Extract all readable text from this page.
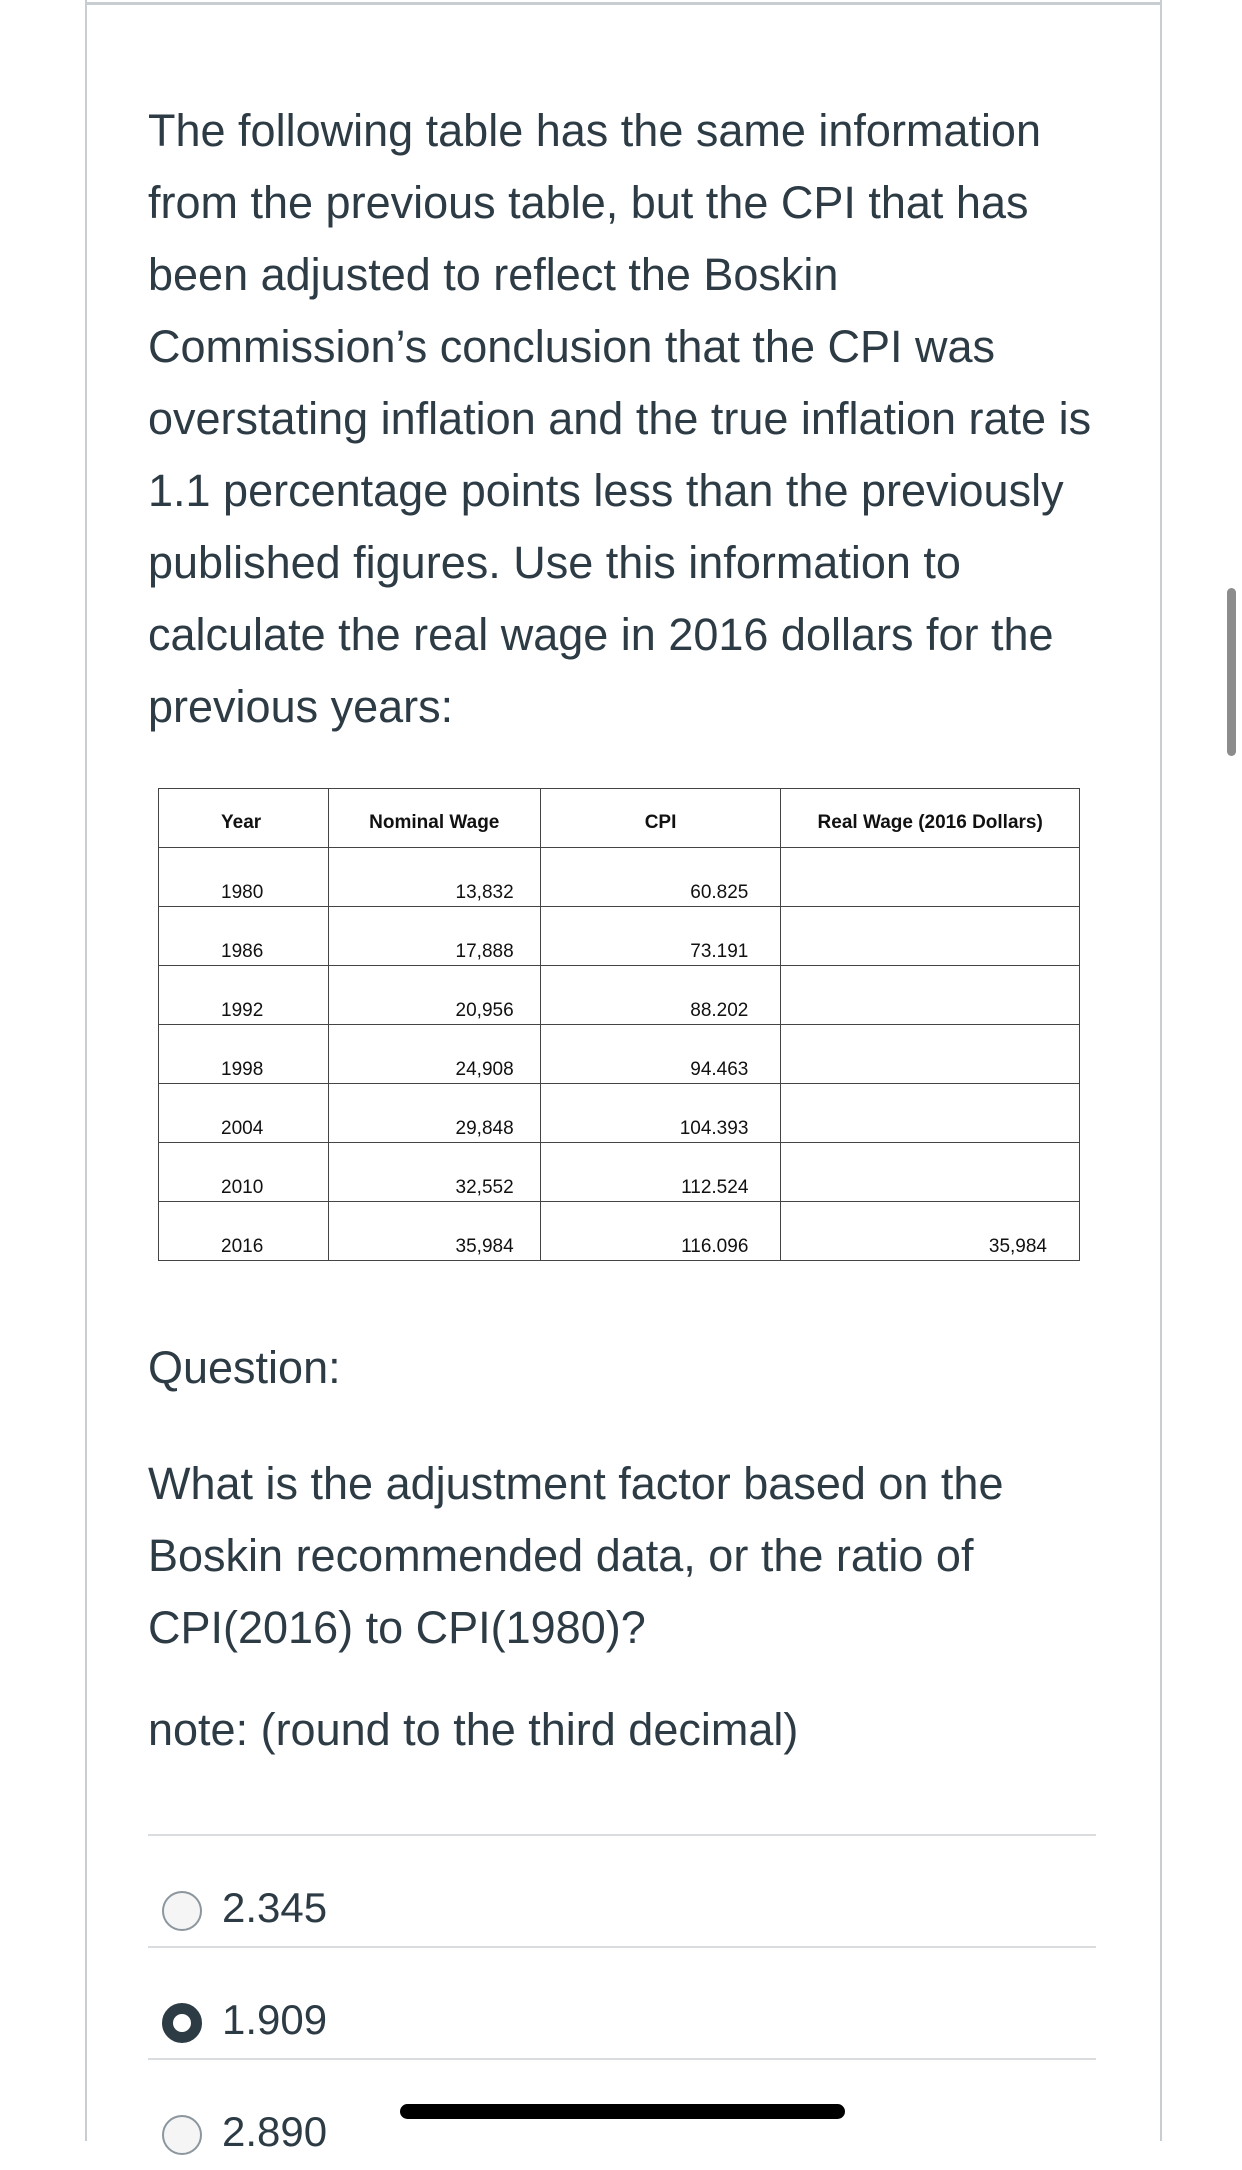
The following table has the same information from the previous table, but the CPI that has been adjusted to reflect the Boskin Commission’s conclusion that the CPI was overstating inflation and the true inflation rate is 1.1 percentage points less than the previously published figures. Use this information to calculate the real wage in 2016 dollars for the previous years:

Year	Nominal Wage	CPI	Real Wage (2016 Dollars)
1980	13,832	60.825	
1986	17,888	73.191	
1992	20,956	88.202	
1998	24,908	94.463	
2004	29,848	104.393	
2010	32,552	112.524	
2016	35,984	116.096	35,984

Question:

What is the adjustment factor based on the Boskin recommended data, or the ratio of CPI(2016) to CPI(1980)?

note: (round to the third decimal)

2.345
1.909
2.890
